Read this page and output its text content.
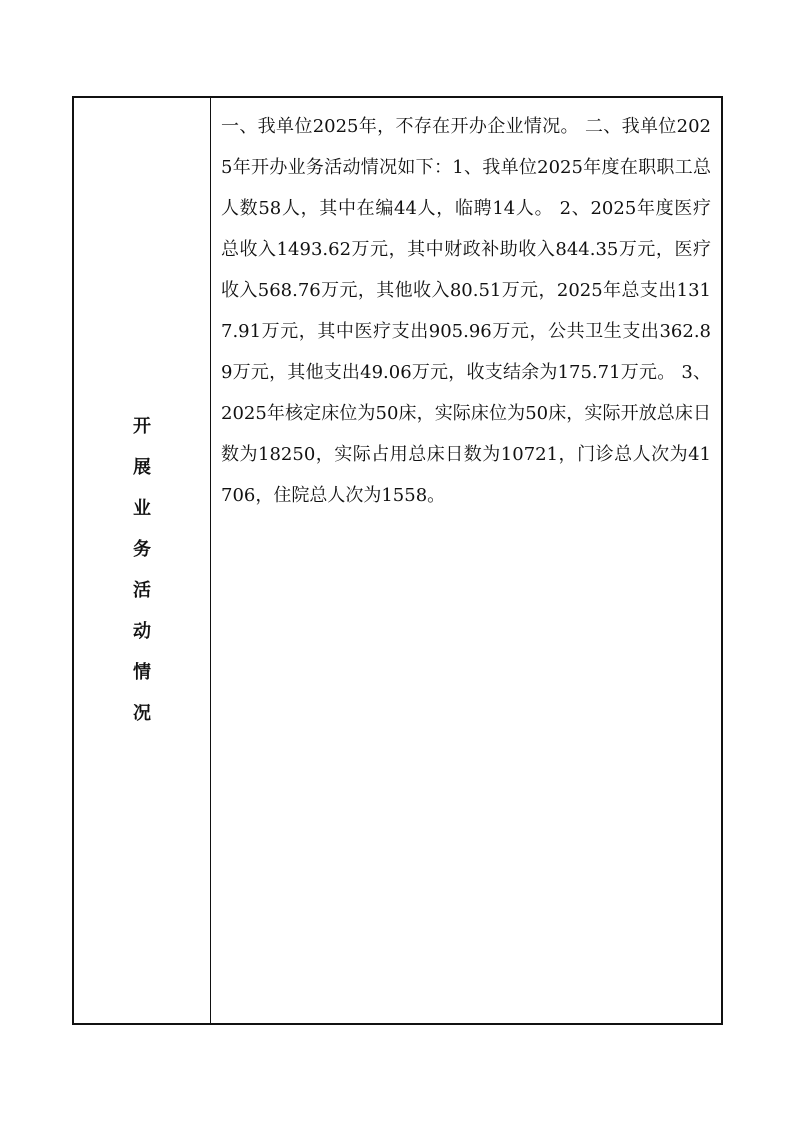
开
展
业
务
活
动
情
况

一、我单位2025年，不存在开办企业情况。 二、我单位2025年开办业务活动情况如下：1、我单位2025年度在职职工总人数58人，其中在编44人，临聘14人。 2、2025年度医疗总收入1493.62万元，其中财政补助收入844.35万元，医疗收入568.76万元，其他收入80.51万元，2025年总支出1317.91万元，其中医疗支出905.96万元，公共卫生支出362.89万元，其他支出49.06万元，收支结余为175.71万元。 3、2025年核定床位为50床，实际床位为50床，实际开放总床日数为18250，实际占用总床日数为10721，门诊总人次为41706，住院总人次为1558。
